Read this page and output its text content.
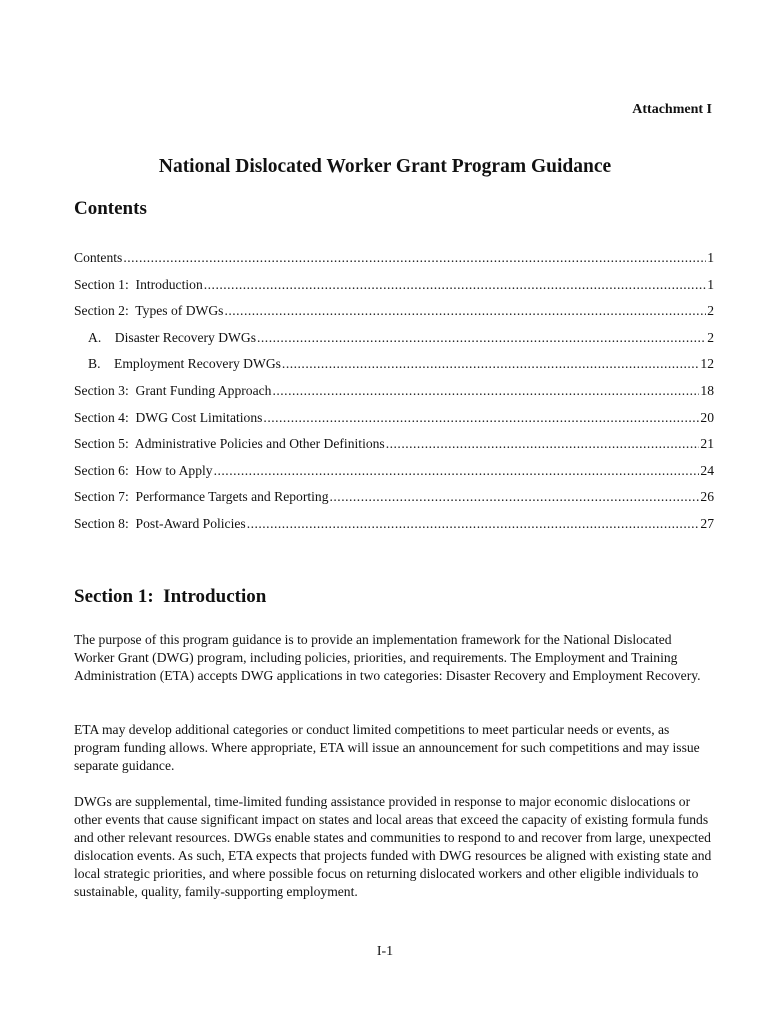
Attachment I
National Dislocated Worker Grant Program Guidance
Contents
Contents .....	1
Section 1:  Introduction .....	1
Section 2:  Types of DWGs .....	2
A.    Disaster Recovery DWGs .....	2
B.    Employment Recovery DWGs .....	12
Section 3:  Grant Funding Approach .....	18
Section 4:  DWG Cost Limitations .....	20
Section 5:  Administrative Policies and Other Definitions .....	21
Section 6:  How to Apply .....	24
Section 7:  Performance Targets and Reporting .....	26
Section 8:  Post-Award Policies .....	27
Section 1:  Introduction

The purpose of this program guidance is to provide an implementation framework for the National Dislocated Worker Grant (DWG) program, including policies, priorities, and requirements. The Employment and Training Administration (ETA) accepts DWG applications in two categories: Disaster Recovery and Employment Recovery.

ETA may develop additional categories or conduct limited competitions to meet particular needs or events, as program funding allows. Where appropriate, ETA will issue an announcement for such competitions and may issue separate guidance.

DWGs are supplemental, time-limited funding assistance provided in response to major economic dislocations or other events that cause significant impact on states and local areas that exceed the capacity of existing formula funds and other relevant resources. DWGs enable states and communities to respond to and recover from large, unexpected dislocation events. As such, ETA expects that projects funded with DWG resources be aligned with existing state and local strategic priorities, and where possible focus on returning dislocated workers and other eligible individuals to sustainable, quality, family-supporting employment.

I-1
